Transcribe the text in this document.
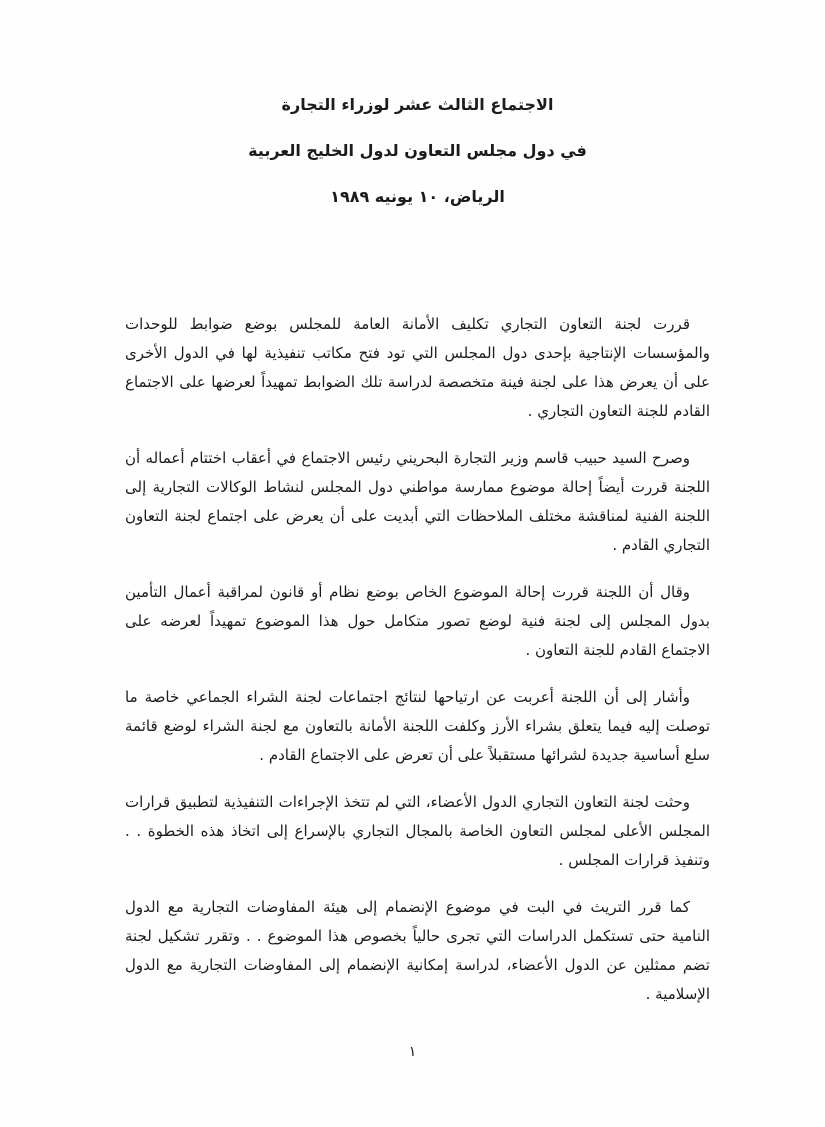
الاجتماع الثالث عشر لوزراء التجارة
في دول مجلس التعاون لدول الخليج العربية
الرياض، ١٠ يونيه ١٩٨٩

قررت لجنة التعاون التجاري تكليف الأمانة العامة للمجلس بوضع ضوابط للوحدات والمؤسسات الإنتاجية بإحدى دول المجلس التي تود فتح مكاتب تنفيذية لها في الدول الأخرى على أن يعرض هذا على لجنة فينة متخصصة لدراسة تلك الضوابط تمهيداً لعرضها على الاجتماع القادم للجنة التعاون التجاري .

وصرح السيد حبيب قاسم وزير التجارة البحريني رئيس الاجتماع في أعقاب اختتام أعماله أن اللجنة قررت أيضاً إحالة موضوع ممارسة مواطني دول المجلس لنشاط الوكالات التجارية إلى اللجنة الفنية لمناقشة مختلف الملاحظات التي أبديت على أن يعرض على اجتماع لجنة التعاون التجاري القادم .

وقال أن اللجنة قررت إحالة الموضوع الخاص بوضع نظام أو قانون لمراقبة أعمال التأمين بدول المجلس إلى لجنة فنية لوضع تصور متكامل حول هذا الموضوع تمهيداً لعرضه على الاجتماع القادم للجنة التعاون .

وأشار إلى أن اللجنة أعربت عن ارتياحها لنتائج اجتماعات لجنة الشراء الجماعي خاصة ما توصلت إليه فيما يتعلق بشراء الأرز وكلفت اللجنة الأمانة بالتعاون مع لجنة الشراء لوضع قائمة سلع أساسية جديدة لشرائها مستقبلاً على أن تعرض على الاجتماع القادم .

وحثت لجنة التعاون التجاري الدول الأعضاء، التي لم تتخذ الإجراءات التنفيذية لتطبيق قرارات المجلس الأعلى لمجلس التعاون الخاصة بالمجال التجاري بالإسراع إلى اتخاذ هذه الخطوة . . وتنفيذ قرارات المجلس .

كما قرر التريث في البت في موضوع الإنضمام إلى هيئة المفاوضات التجارية مع الدول النامية حتى تستكمل الدراسات التي تجرى حالياً بخصوص هذا الموضوع . . وتقرر تشكيل لجنة تضم ممثلين عن الدول الأعضاء، لدراسة إمكانية الإنضمام إلى المفاوضات التجارية مع الدول الإسلامية .

١
